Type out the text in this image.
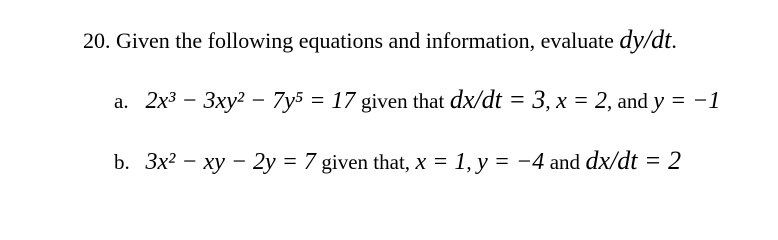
20. Given the following equations and information, evaluate dy/dt.
a. 2x³ − 3xy² − 7y⁵ = 17 given that dx/dt = 3, x = 2, and y = −1
b. 3x² − xy − 2y = 7 given that, x = 1, y = −4 and dx/dt = 2
